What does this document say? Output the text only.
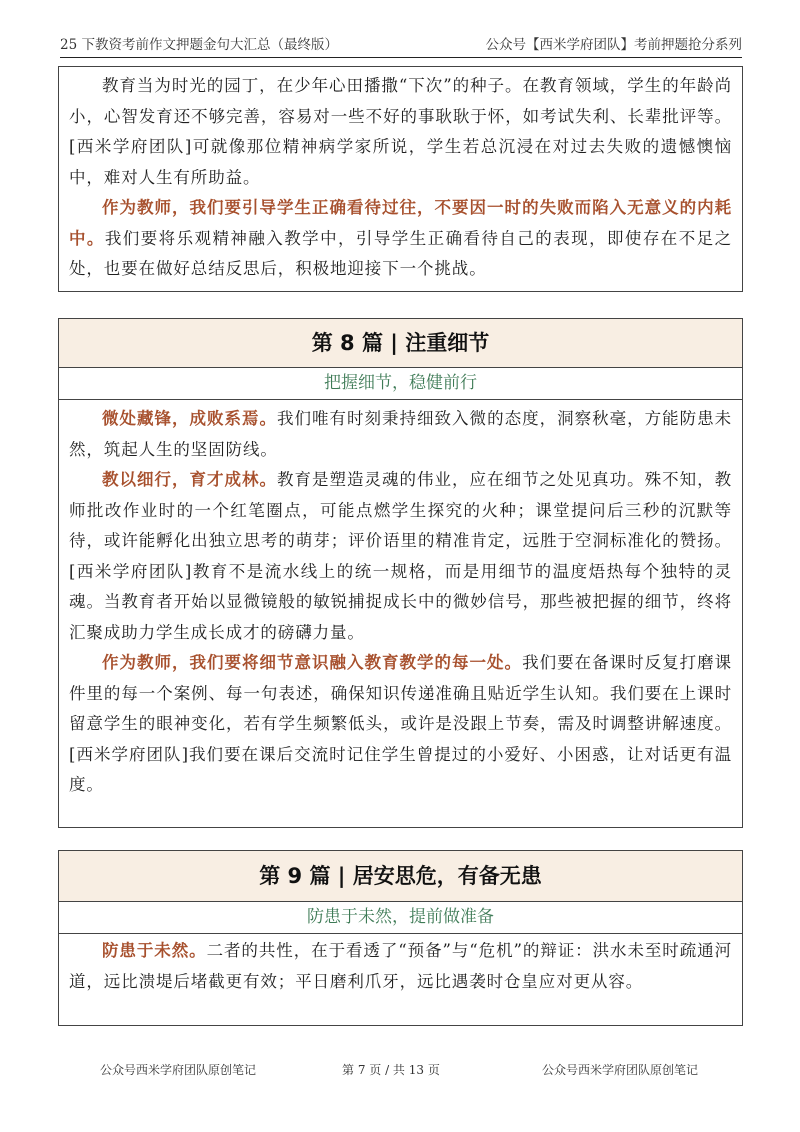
25 下教资考前作文押题金句大汇总（最终版）	公众号【西米学府团队】考前押题抢分系列

教育当为时光的园丁，在少年心田播撒“下次”的种子。在教育领域，学生的年龄尚小，心智发育还不够完善，容易对一些不好的事耿耿于怀，如考试失利、长辈批评等。[西米学府团队]可就像那位精神病学家所说，学生若总沉浸在对过去失败的遗憾懊恼中，难对人生有所助益。

作为教师，我们要引导学生正确看待过往，不要因一时的失败而陷入无意义的内耗中。我们要将乐观精神融入教学中，引导学生正确看待自己的表现，即使存在不足之处，也要在做好总结反思后，积极地迎接下一个挑战。

第 8 篇 | 注重细节
把握细节，稳健前行

微处藏锋，成败系焉。我们唯有时刻秉持细致入微的态度，洞察秋毫，方能防患未然，筑起人生的坚固防线。

教以细行，育才成林。教育是塑造灵魂的伟业，应在细节之处见真功。殊不知，教师批改作业时的一个红笔圈点，可能点燃学生探究的火种；课堂提问后三秒的沉默等待，或许能孵化出独立思考的萌芽；评价语里的精准肯定，远胜于空洞标准化的赞扬。[西米学府团队]教育不是流水线上的统一规格，而是用细节的温度焐热每个独特的灵魂。当教育者开始以显微镜般的敏锐捕捉成长中的微妙信号，那些被把握的细节，终将汇聚成助力学生成长成才的磅礴力量。

作为教师，我们要将细节意识融入教育教学的每一处。我们要在备课时反复打磨课件里的每一个案例、每一句表述，确保知识传递准确且贴近学生认知。我们要在上课时留意学生的眼神变化，若有学生频繁低头，或许是没跟上节奏，需及时调整讲解速度。[西米学府团队]我们要在课后交流时记住学生曾提过的小爱好、小困惑，让对话更有温度。

第 9 篇 | 居安思危，有备无患
防患于未然，提前做准备

防患于未然。二者的共性，在于看透了“预备”与“危机”的辩证：洪水未至时疏通河道，远比溃堤后堵截更有效；平日磨利爪牙，远比遇袭时仓皇应对更从容。

公众号西米学府团队原创笔记	第 7 页 / 共 13 页	公众号西米学府团队原创笔记
